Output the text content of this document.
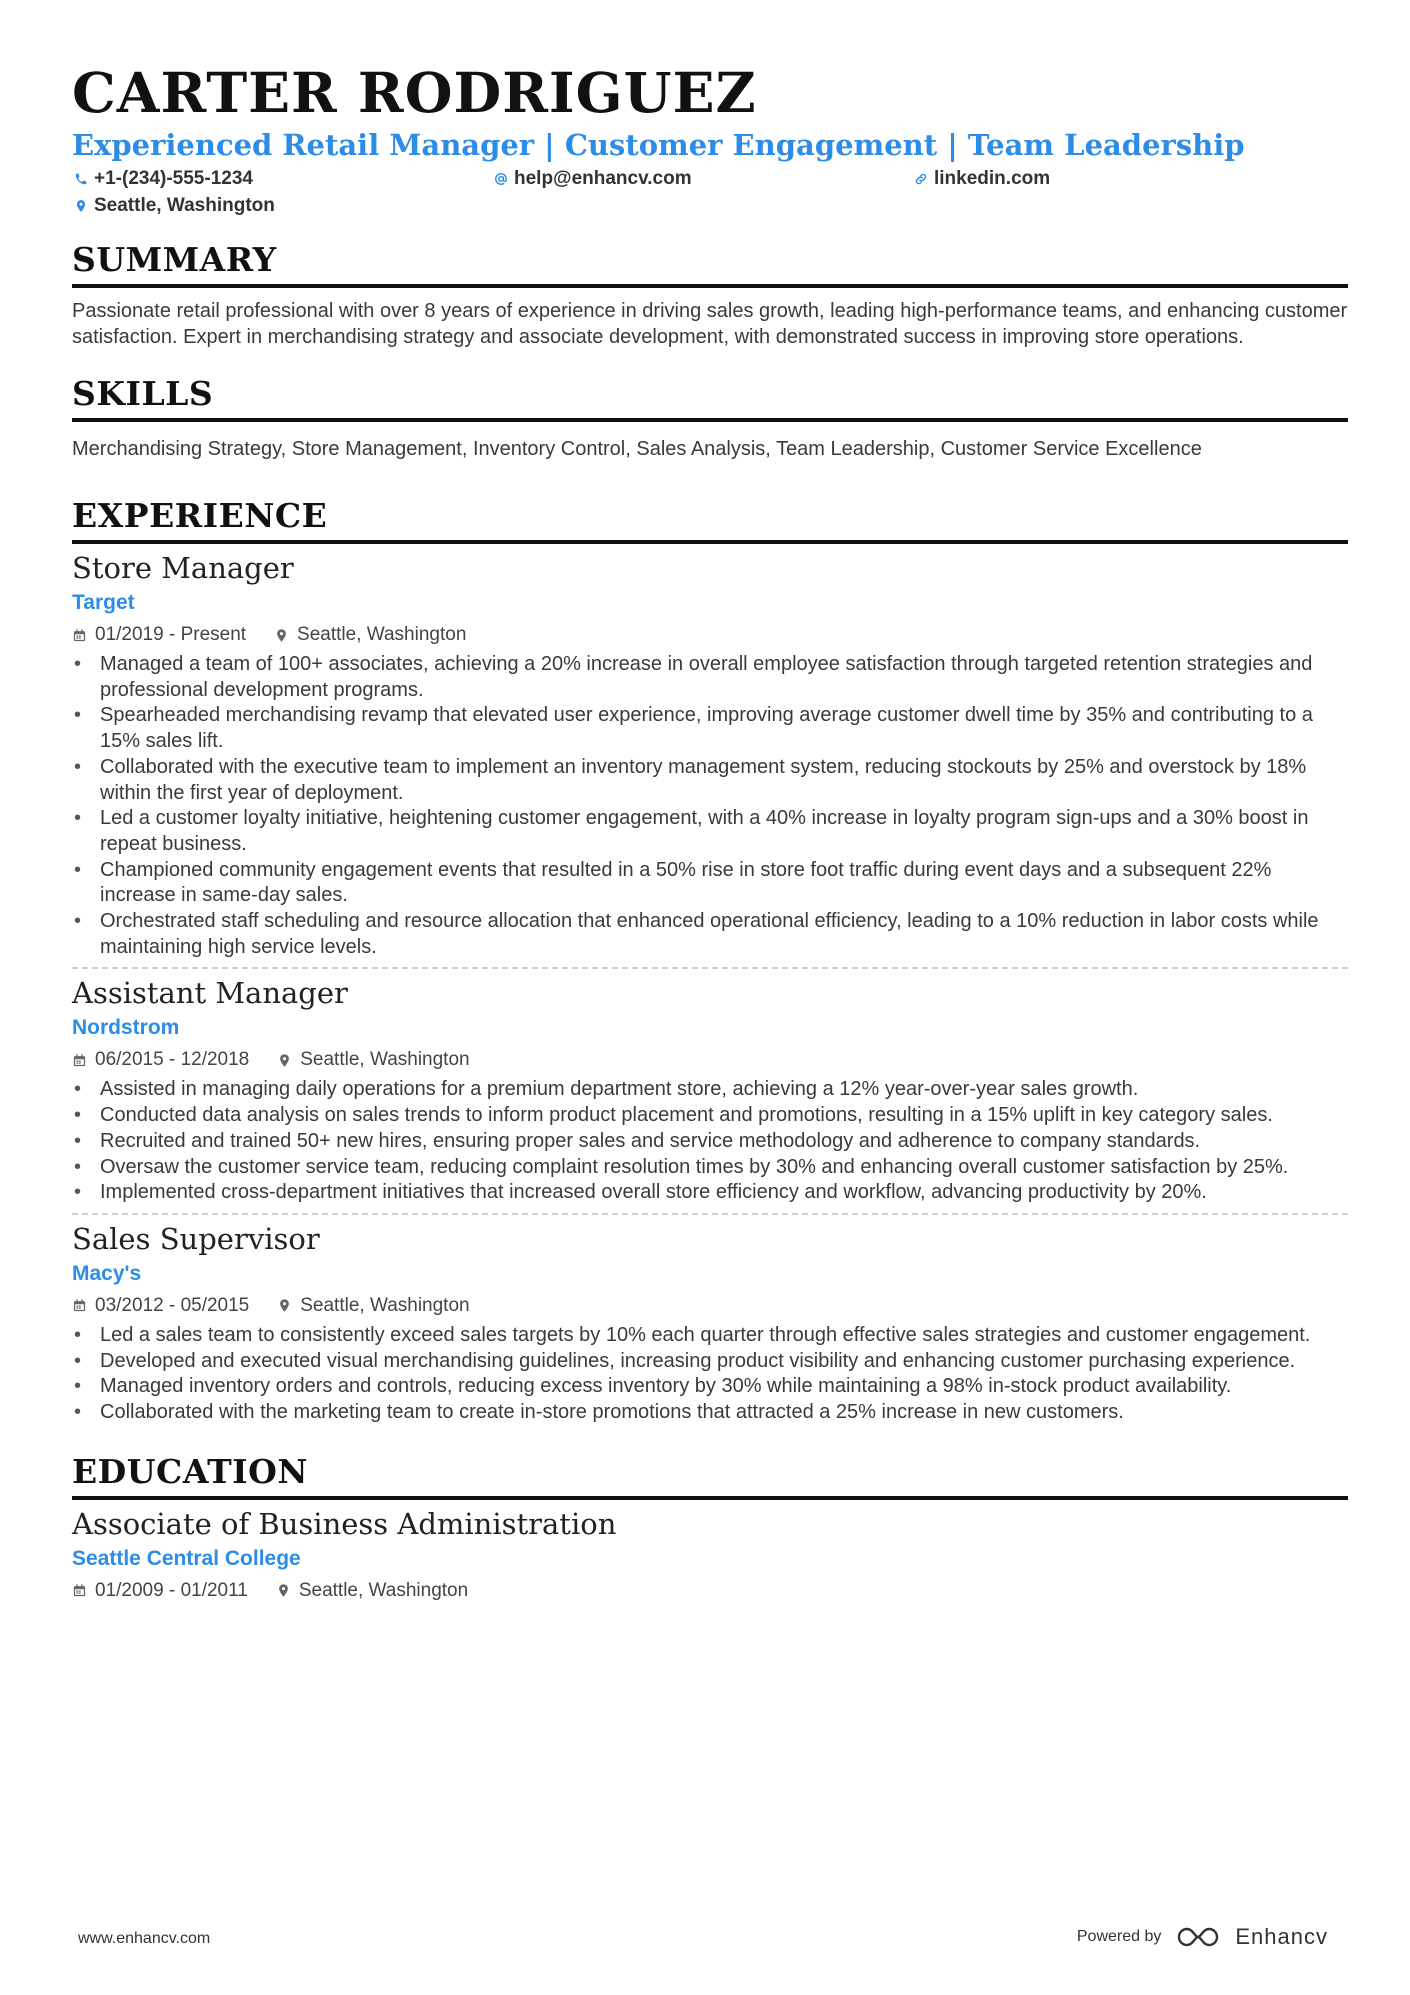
CARTER RODRIGUEZ
Experienced Retail Manager | Customer Engagement | Team Leadership
+1-(234)-555-1234	help@enhancv.com	linkedin.com
Seattle, Washington
SUMMARY
Passionate retail professional with over 8 years of experience in driving sales growth, leading high-performance teams, and enhancing customer satisfaction. Expert in merchandising strategy and associate development, with demonstrated success in improving store operations.
SKILLS
Merchandising Strategy, Store Management, Inventory Control, Sales Analysis, Team Leadership, Customer Service Excellence
EXPERIENCE
Store Manager
Target
01/2019 - Present	Seattle, Washington
• Managed a team of 100+ associates, achieving a 20% increase in overall employee satisfaction through targeted retention strategies and professional development programs.
• Spearheaded merchandising revamp that elevated user experience, improving average customer dwell time by 35% and contributing to a 15% sales lift.
• Collaborated with the executive team to implement an inventory management system, reducing stockouts by 25% and overstock by 18% within the first year of deployment.
• Led a customer loyalty initiative, heightening customer engagement, with a 40% increase in loyalty program sign-ups and a 30% boost in repeat business.
• Championed community engagement events that resulted in a 50% rise in store foot traffic during event days and a subsequent 22% increase in same-day sales.
• Orchestrated staff scheduling and resource allocation that enhanced operational efficiency, leading to a 10% reduction in labor costs while maintaining high service levels.
Assistant Manager
Nordstrom
06/2015 - 12/2018	Seattle, Washington
• Assisted in managing daily operations for a premium department store, achieving a 12% year-over-year sales growth.
• Conducted data analysis on sales trends to inform product placement and promotions, resulting in a 15% uplift in key category sales.
• Recruited and trained 50+ new hires, ensuring proper sales and service methodology and adherence to company standards.
• Oversaw the customer service team, reducing complaint resolution times by 30% and enhancing overall customer satisfaction by 25%.
• Implemented cross-department initiatives that increased overall store efficiency and workflow, advancing productivity by 20%.
Sales Supervisor
Macy's
03/2012 - 05/2015	Seattle, Washington
• Led a sales team to consistently exceed sales targets by 10% each quarter through effective sales strategies and customer engagement.
• Developed and executed visual merchandising guidelines, increasing product visibility and enhancing customer purchasing experience.
• Managed inventory orders and controls, reducing excess inventory by 30% while maintaining a 98% in-stock product availability.
• Collaborated with the marketing team to create in-store promotions that attracted a 25% increase in new customers.
EDUCATION
Associate of Business Administration
Seattle Central College
01/2009 - 01/2011	Seattle, Washington
www.enhancv.com	Powered by	Enhancv
